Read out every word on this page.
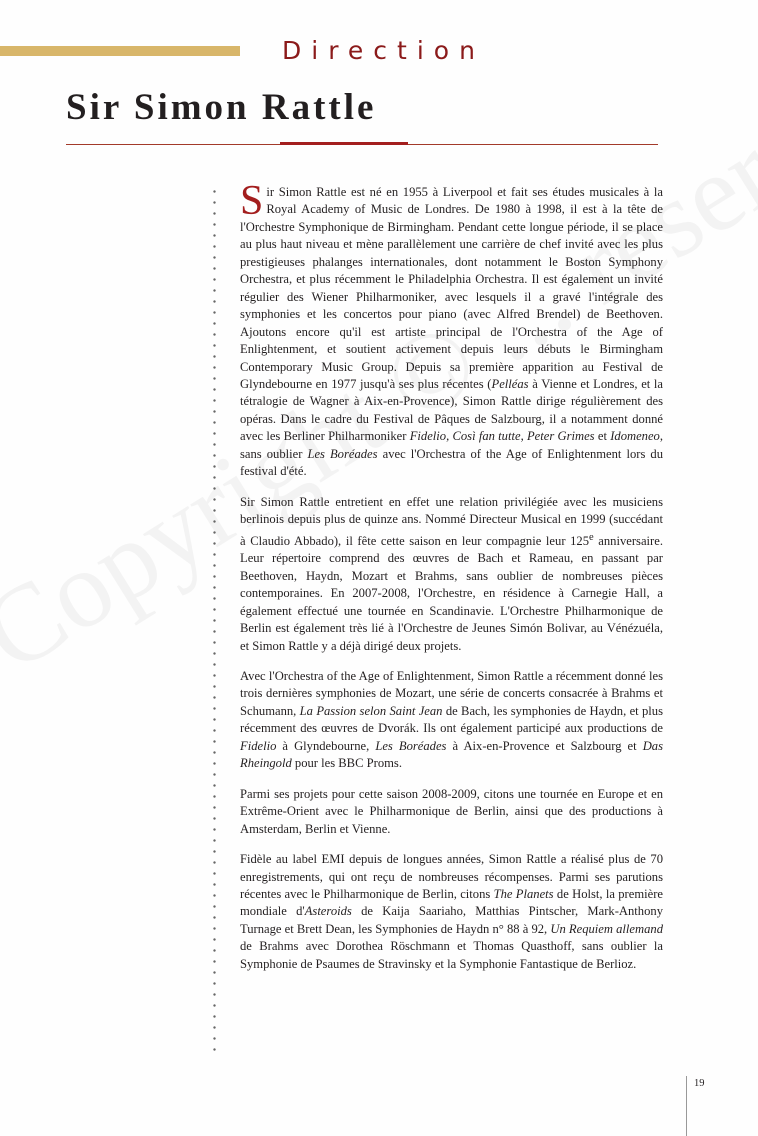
Direction
Sir Simon Rattle

Sir Simon Rattle est né en 1955 à Liverpool et fait ses études musicales à la Royal Academy of Music de Londres. De 1980 à 1998, il est à la tête de l'Orchestre Symphonique de Birmingham. Pendant cette longue période, il se place au plus haut niveau et mène parallèlement une carrière de chef invité avec les plus prestigieuses phalanges internationales, dont notamment le Boston Symphony Orchestra, et plus récemment le Philadelphia Orchestra. Il est également un invité régulier des Wiener Philharmoniker, avec lesquels il a gravé l'intégrale des symphonies et les concertos pour piano (avec Alfred Brendel) de Beethoven. Ajoutons encore qu'il est artiste principal de l'Orchestra of the Age of Enlightenment, et soutient activement depuis leurs débuts le Birmingham Contemporary Music Group. Depuis sa première apparition au Festival de Glyndebourne en 1977 jusqu'à ses plus récentes (Pelléas à Vienne et Londres, et la tétralogie de Wagner à Aix-en-Provence), Simon Rattle dirige régulièrement des opéras. Dans le cadre du Festival de Pâques de Salzbourg, il a notamment donné avec les Berliner Philharmoniker Fidelio, Così fan tutte, Peter Grimes et Idomeneo, sans oublier Les Boréades avec l'Orchestra of the Age of Enlightenment lors du festival d'été.

Sir Simon Rattle entretient en effet une relation privilégiée avec les musiciens berlinois depuis plus de quinze ans. Nommé Directeur Musical en 1999 (succédant à Claudio Abbado), il fête cette saison en leur compagnie leur 125e anniversaire. Leur répertoire comprend des œuvres de Bach et Rameau, en passant par Beethoven, Haydn, Mozart et Brahms, sans oublier de nombreuses pièces contemporaines. En 2007-2008, l'Orchestre, en résidence à Carnegie Hall, a également effectué une tournée en Scandinavie. L'Orchestre Philharmonique de Berlin est également très lié à l'Orchestre de Jeunes Simón Bolivar, au Vénézuéla, et Simon Rattle y a déjà dirigé deux projets.

Avec l'Orchestra of the Age of Enlightenment, Simon Rattle a récemment donné les trois dernières symphonies de Mozart, une série de concerts consacrée à Brahms et Schumann, La Passion selon Saint Jean de Bach, les symphonies de Haydn, et plus récemment des œuvres de Dvorák. Ils ont également participé aux productions de Fidelio à Glyndebourne, Les Boréades à Aix-en-Provence et Salzbourg et Das Rheingold pour les BBC Proms.

Parmi ses projets pour cette saison 2008-2009, citons une tournée en Europe et en Extrême-Orient avec le Philharmonique de Berlin, ainsi que des productions à Amsterdam, Berlin et Vienne.

Fidèle au label EMI depuis de longues années, Simon Rattle a réalisé plus de 70 enregistrements, qui ont reçu de nombreuses récompenses. Parmi ses parutions récentes avec le Philharmonique de Berlin, citons The Planets de Holst, la première mondiale d'Asteroids de Kaija Saariaho, Matthias Pintscher, Mark-Anthony Turnage et Brett Dean, les Symphonies de Haydn n° 88 à 92, Un Requiem allemand de Brahms avec Dorothea Röschmann et Thomas Quasthoff, sans oublier la Symphonie de Psaumes de Stravinsky et la Symphonie Fantastique de Berlioz.

19
